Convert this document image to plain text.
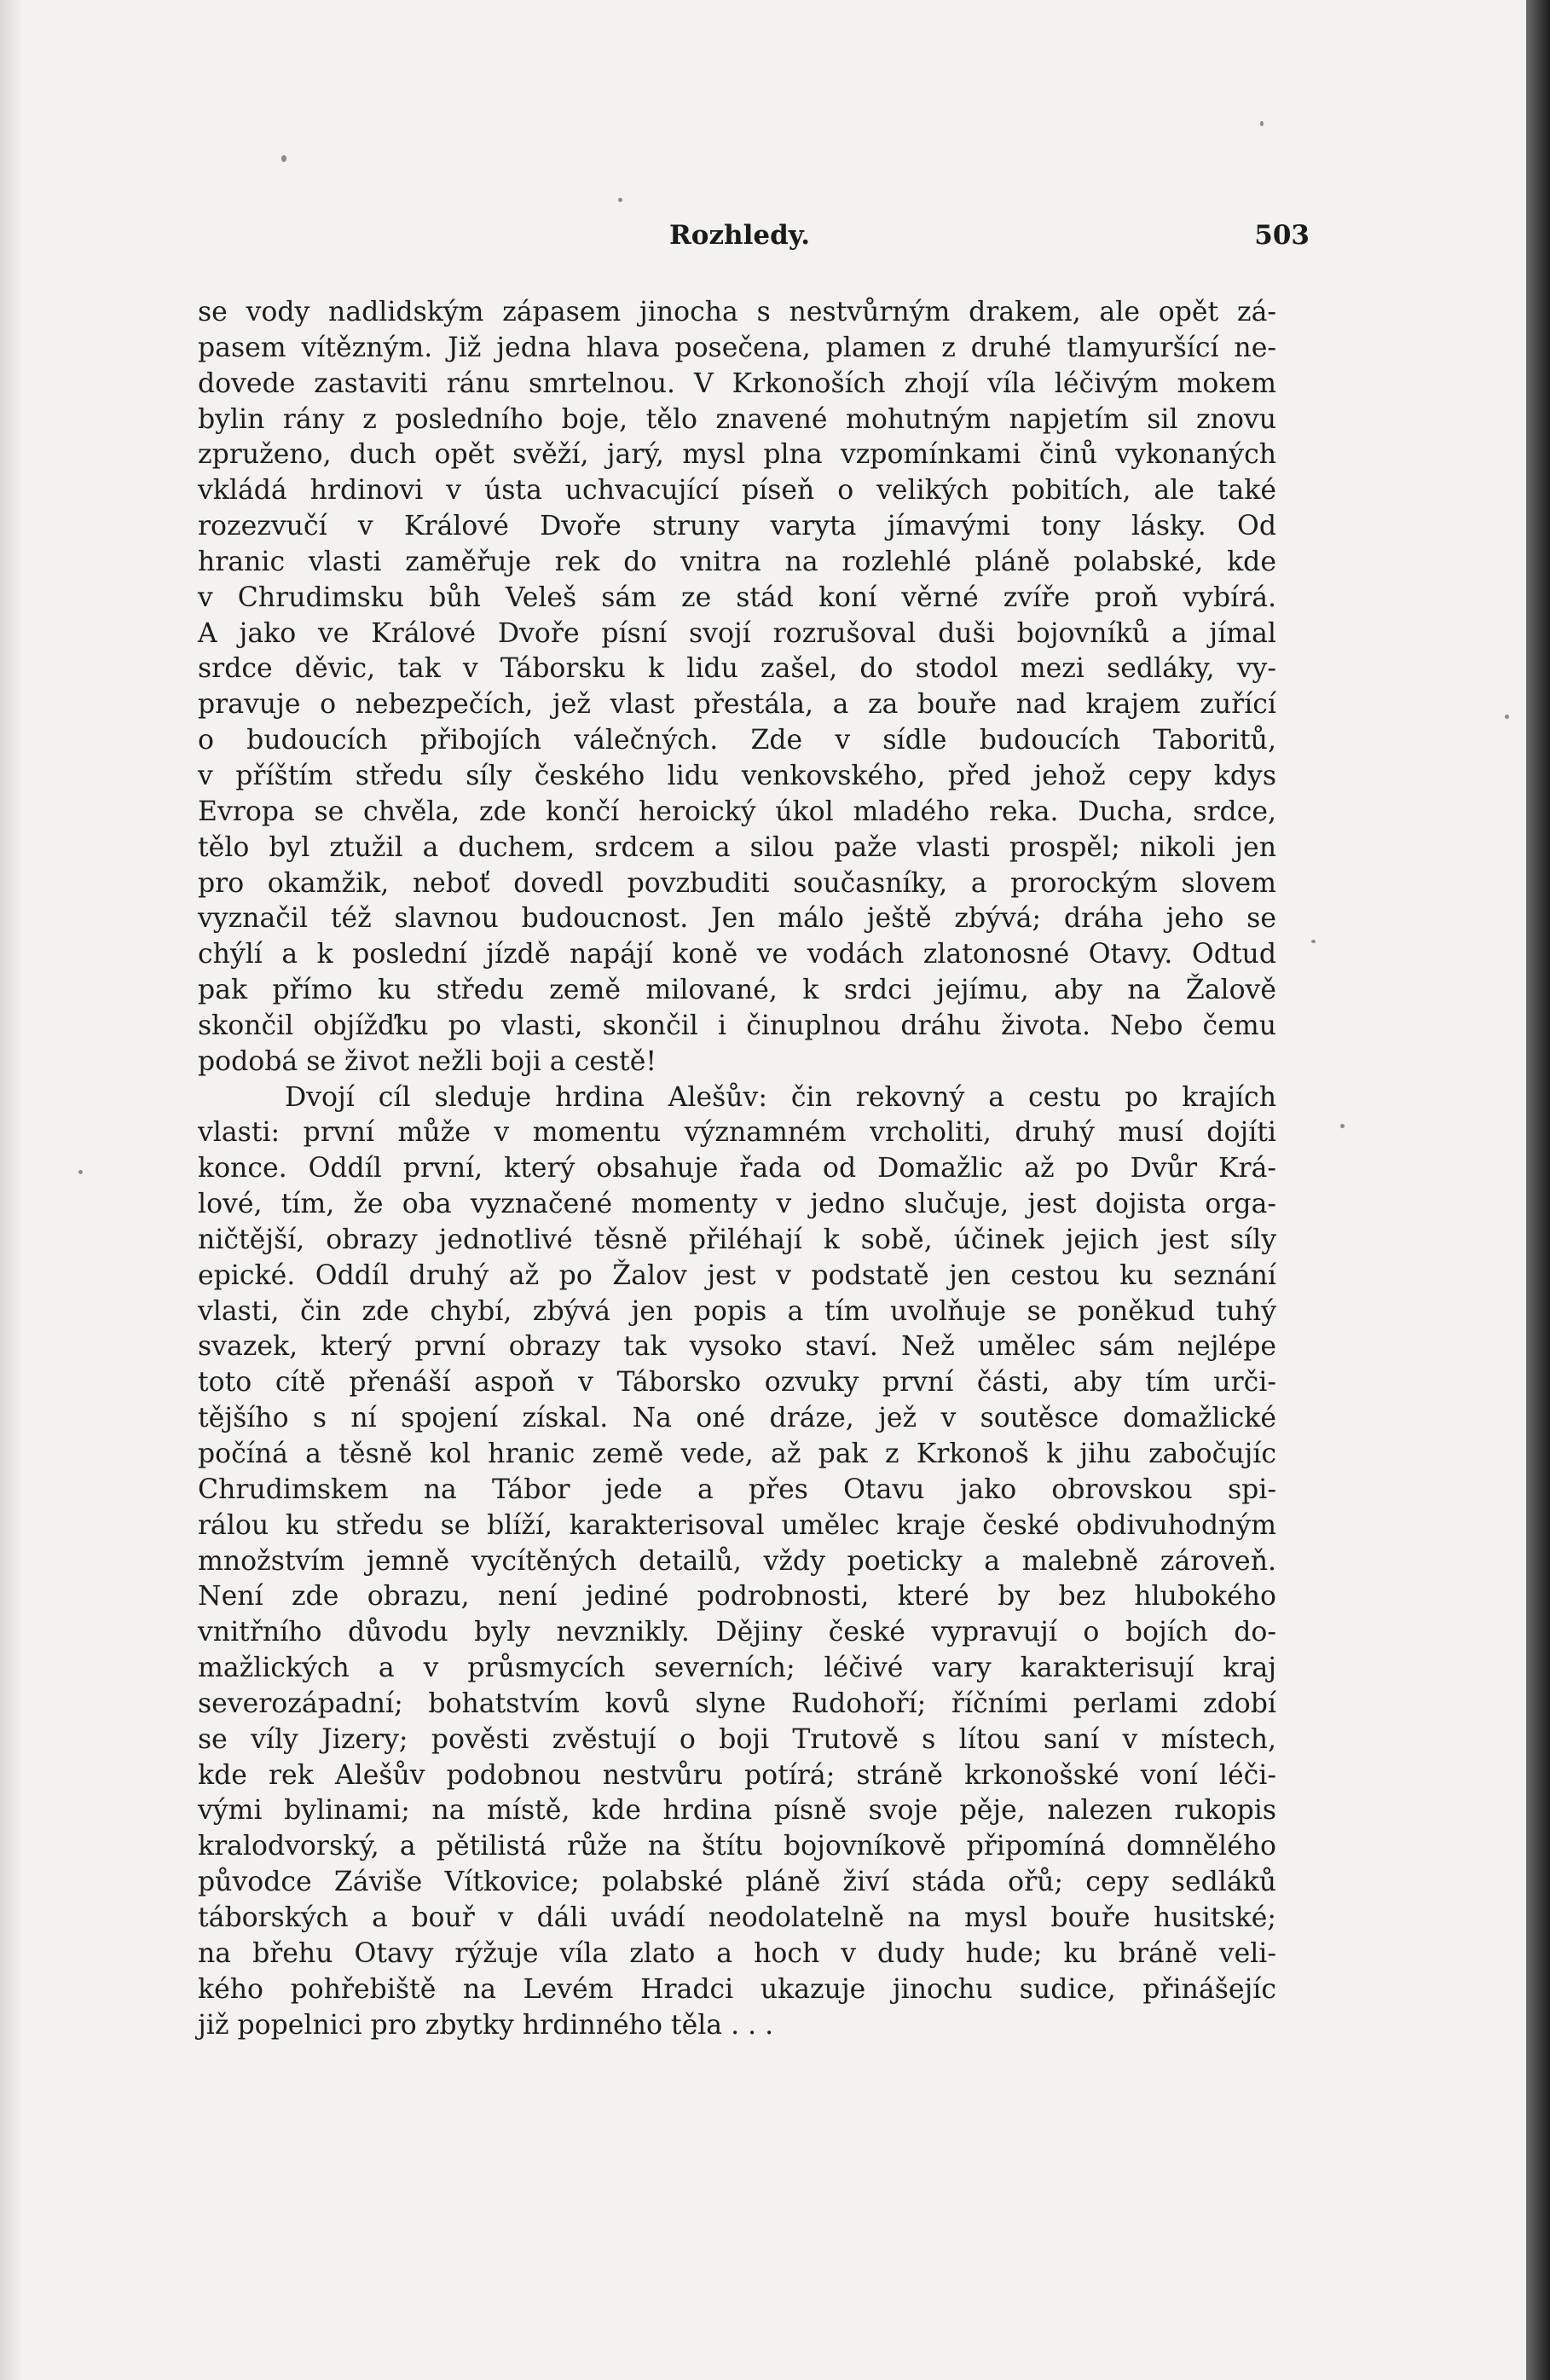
Rozhledy.	503
se vody nadlidským zápasem jinocha s nestvůrným drakem, ale opět zá-
pasem vítězným. Již jedna hlava posečena, plamen z druhé tlamyuršící ne-
dovede zastaviti ránu smrtelnou. V Krkonoších zhojí víla léčivým mokem
bylin rány z posledního boje, tělo znavené mohutným napjetím sil znovu
zpruženo, duch opět svěží, jarý, mysl plna vzpomínkami činů vykonaných
vkládá hrdinovi v ústa uchvacující píseň o velikých pobitích, ale také
rozezvučí v Králové Dvoře struny varyta jímavými tony lásky. Od
hranic vlasti zaměřuje rek do vnitra na rozlehlé pláně polabské, kde
v Chrudimsku bůh Veleš sám ze stád koní věrné zvíře proň vybírá.
A jako ve Králové Dvoře písní svojí rozrušoval duši bojovníků a jímal
srdce děvic, tak v Táborsku k lidu zašel, do stodol mezi sedláky, vy-
pravuje o nebezpečích, jež vlast přestála, a za bouře nad krajem zuřící
o budoucích přibojích válečných. Zde v sídle budoucích Taboritů,
v příštím středu síly českého lidu venkovského, před jehož cepy kdys
Evropa se chvěla, zde končí heroický úkol mladého reka. Ducha, srdce,
tělo byl ztužil a duchem, srdcem a silou paže vlasti prospěl; nikoli jen
pro okamžik, neboť dovedl povzbuditi současníky, a prorockým slovem
vyznačil též slavnou budoucnost. Jen málo ještě zbývá; dráha jeho se
chýlí a k poslední jízdě napájí koně ve vodách zlatonosné Otavy. Odtud
pak přímo ku středu země milované, k srdci jejímu, aby na Žalově
skončil objížďku po vlasti, skončil i činuplnou dráhu života. Nebo čemu
podobá se život nežli boji a cestě!
Dvojí cíl sleduje hrdina Alešův: čin rekovný a cestu po krajích
vlasti: první může v momentu významném vrcholiti, druhý musí dojíti
konce. Oddíl první, který obsahuje řada od Domažlic až po Dvůr Krá-
lové, tím, že oba vyznačené momenty v jedno slučuje, jest dojista orga-
ničtější, obrazy jednotlivé těsně přiléhají k sobě, účinek jejich jest síly
epické. Oddíl druhý až po Žalov jest v podstatě jen cestou ku seznání
vlasti, čin zde chybí, zbývá jen popis a tím uvolňuje se poněkud tuhý
svazek, který první obrazy tak vysoko staví. Než umělec sám nejlépe
toto cítě přenáší aspoň v Táborsko ozvuky první části, aby tím urči-
tějšího s ní spojení získal. Na oné dráze, jež v soutěsce domažlické
počíná a těsně kol hranic země vede, až pak z Krkonoš k jihu zabočujíc
Chrudimskem na Tábor jede a přes Otavu jako obrovskou spi-
rálou ku středu se blíží, karakterisoval umělec kraje české obdivuhodným
množstvím jemně vycítěných detailů, vždy poeticky a malebně zároveň.
Není zde obrazu, není jediné podrobnosti, které by bez hlubokého
vnitřního důvodu byly nevznikly. Dějiny české vypravují o bojích do-
mažlických a v průsmycích severních; léčivé vary karakterisují kraj
severozápadní; bohatstvím kovů slyne Rudohoří; říčními perlami zdobí
se víly Jizery; pověsti zvěstují o boji Trutově s lítou saní v místech,
kde rek Alešův podobnou nestvůru potírá; stráně krkonošské voní léči-
vými bylinami; na místě, kde hrdina písně svoje pěje, nalezen rukopis
kralodvorský, a pětilistá růže na štítu bojovníkově připomíná domnělého
původce Záviše Vítkovice; polabské pláně živí stáda ořů; cepy sedláků
táborských a bouř v dáli uvádí neodolatelně na mysl bouře husitské;
na břehu Otavy rýžuje víla zlato a hoch v dudy hude; ku bráně veli-
kého pohřebiště na Levém Hradci ukazuje jinochu sudice, přinášejíc
již popelnici pro zbytky hrdinného těla . . .
